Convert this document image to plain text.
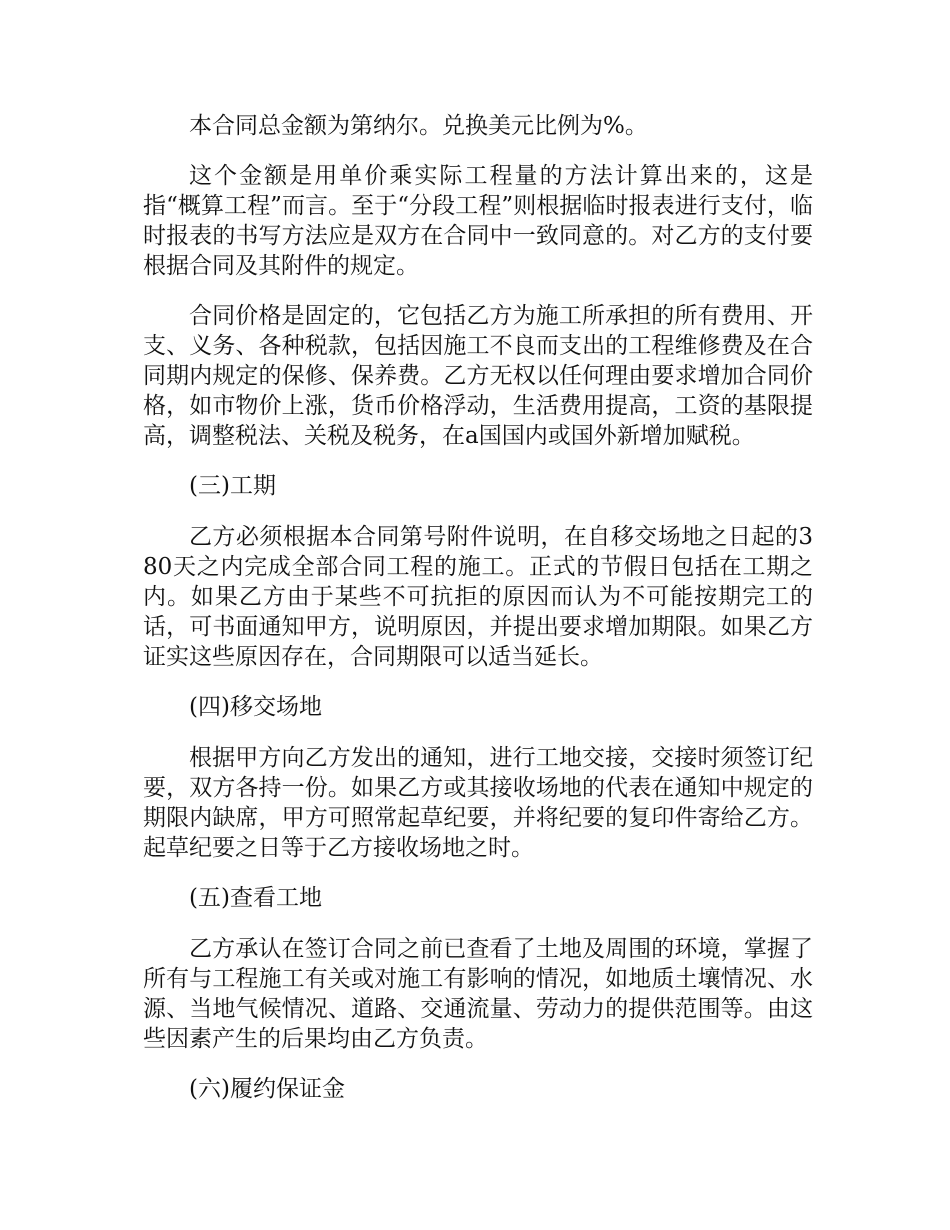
本合同总金额为第纳尔。兑换美元比例为%。

这个金额是用单价乘实际工程量的方法计算出来的，这是指“概算工程”而言。至于“分段工程”则根据临时报表进行支付，临时报表的书写方法应是双方在合同中一致同意的。对乙方的支付要根据合同及其附件的规定。

合同价格是固定的，它包括乙方为施工所承担的所有费用、开支、义务、各种税款，包括因施工不良而支出的工程维修费及在合同期内规定的保修、保养费。乙方无权以任何理由要求增加合同价格，如市物价上涨，货币价格浮动，生活费用提高，工资的基限提高，调整税法、关税及税务，在a国国内或国外新增加赋税。

(三)工期

乙方必须根据本合同第号附件说明，在自移交场地之日起的380天之内完成全部合同工程的施工。正式的节假日包括在工期之内。如果乙方由于某些不可抗拒的原因而认为不可能按期完工的话，可书面通知甲方，说明原因，并提出要求增加期限。如果乙方证实这些原因存在，合同期限可以适当延长。

(四)移交场地

根据甲方向乙方发出的通知，进行工地交接，交接时须签订纪要，双方各持一份。如果乙方或其接收场地的代表在通知中规定的期限内缺席，甲方可照常起草纪要，并将纪要的复印件寄给乙方。起草纪要之日等于乙方接收场地之时。

(五)查看工地

乙方承认在签订合同之前已查看了土地及周围的环境，掌握了所有与工程施工有关或对施工有影响的情况，如地质土壤情况、水源、当地气候情况、道路、交通流量、劳动力的提供范围等。由这些因素产生的后果均由乙方负责。

(六)履约保证金
